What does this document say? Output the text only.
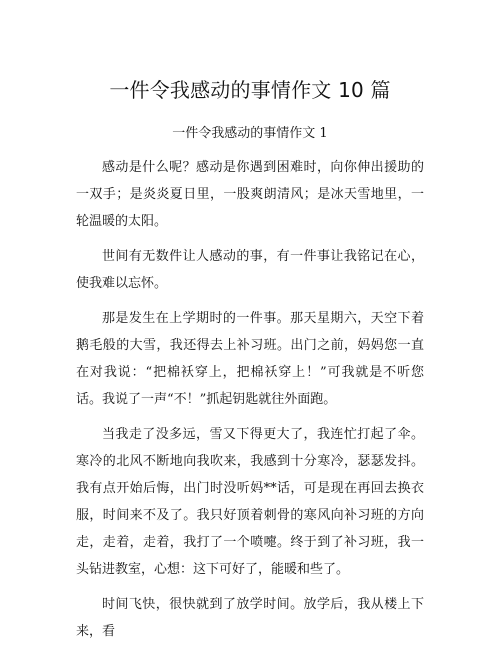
一件令我感动的事情作文 10 篇
一件令我感动的事情作文 1

感动是什么呢？感动是你遇到困难时，向你伸出援助的一双手；是炎炎夏日里，一股爽朗清风；是冰天雪地里，一轮温暖的太阳。

世间有无数件让人感动的事，有一件事让我铭记在心，使我难以忘怀。

那是发生在上学期时的一件事。那天星期六，天空下着鹅毛般的大雪，我还得去上补习班。出门之前，妈妈您一直在对我说：“把棉袄穿上，把棉袄穿上！”可我就是不听您话。我说了一声“不！”抓起钥匙就往外面跑。

当我走了没多远，雪又下得更大了，我连忙打起了伞。寒冷的北风不断地向我吹来，我感到十分寒冷，瑟瑟发抖。我有点开始后悔，出门时没听妈**话，可是现在再回去换衣服，时间来不及了。我只好顶着刺骨的寒风向补习班的方向走，走着，走着，我打了一个喷嚏。终于到了补习班，我一头钻进教室，心想：这下可好了，能暖和些了。

时间飞快，很快就到了放学时间。放学后，我从楼上下来，看
